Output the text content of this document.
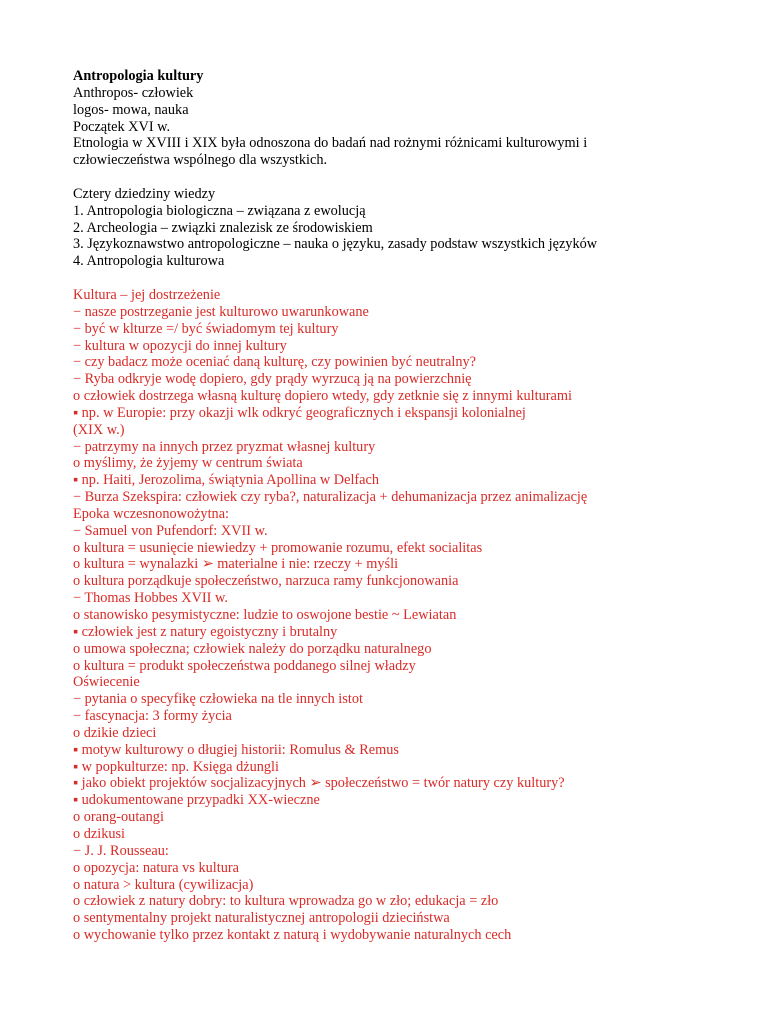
Antropologia kultury
Anthropos- człowiek
logos- mowa, nauka
Początek XVI w.
Etnologia w XVIII i XIX była odnoszona do badań nad rożnymi różnicami kulturowymi i
człowieczeństwa wspólnego dla wszystkich.
Cztery dziedziny wiedzy
1. Antropologia biologiczna – związana z ewolucją
2. Archeologia – związki znalezisk ze środowiskiem
3. Językoznawstwo antropologiczne – nauka o języku, zasady podstaw wszystkich języków
4. Antropologia kulturowa
Kultura – jej dostrzeżenie
− nasze postrzeganie jest kulturowo uwarunkowane
− być w klturze =/ być świadomym tej kultury
− kultura w opozycji do innej kultury
− czy badacz może oceniać daną kulturę, czy powinien być neutralny?
− Ryba odkryje wodę dopiero, gdy prądy wyrzucą ją na powierzchnię
o człowiek dostrzega własną kulturę dopiero wtedy, gdy zetknie się z innymi kulturami
▪ np. w Europie: przy okazji wlk odkryć geograficznych i ekspansji kolonialnej
(XIX w.)
− patrzymy na innych przez pryzmat własnej kultury
o myślimy, że żyjemy w centrum świata
▪ np. Haiti, Jerozolima, świątynia Apollina w Delfach
− Burza Szekspira: człowiek czy ryba?, naturalizacja + dehumanizacja przez animalizację
Epoka wczesnonowożytna:
− Samuel von Pufendorf: XVII w.
o kultura = usunięcie niewiedzy + promowanie rozumu, efekt socialitas
o kultura = wynalazki ➢ materialne i nie: rzeczy + myśli
o kultura porządkuje społeczeństwo, narzuca ramy funkcjonowania
− Thomas Hobbes XVII w.
o stanowisko pesymistyczne: ludzie to oswojone bestie ~ Lewiatan
▪ człowiek jest z natury egoistyczny i brutalny
o umowa społeczna; człowiek należy do porządku naturalnego
o kultura = produkt społeczeństwa poddanego silnej władzy
Oświecenie
− pytania o specyfikę człowieka na tle innych istot
− fascynacja: 3 formy życia
o dzikie dzieci
▪ motyw kulturowy o długiej historii: Romulus & Remus
▪ w popkulturze: np. Księga dżungli
▪ jako obiekt projektów socjalizacyjnych ➢ społeczeństwo = twór natury czy kultury?
▪ udokumentowane przypadki XX-wieczne
o orang-outangi
o dzikusi
− J. J. Rousseau:
o opozycja: natura vs kultura
o natura > kultura (cywilizacja)
o człowiek z natury dobry: to kultura wprowadza go w zło; edukacja = zło
o sentymentalny projekt naturalistycznej antropologii dzieciństwa
o wychowanie tylko przez kontakt z naturą i wydobywanie naturalnych cech
